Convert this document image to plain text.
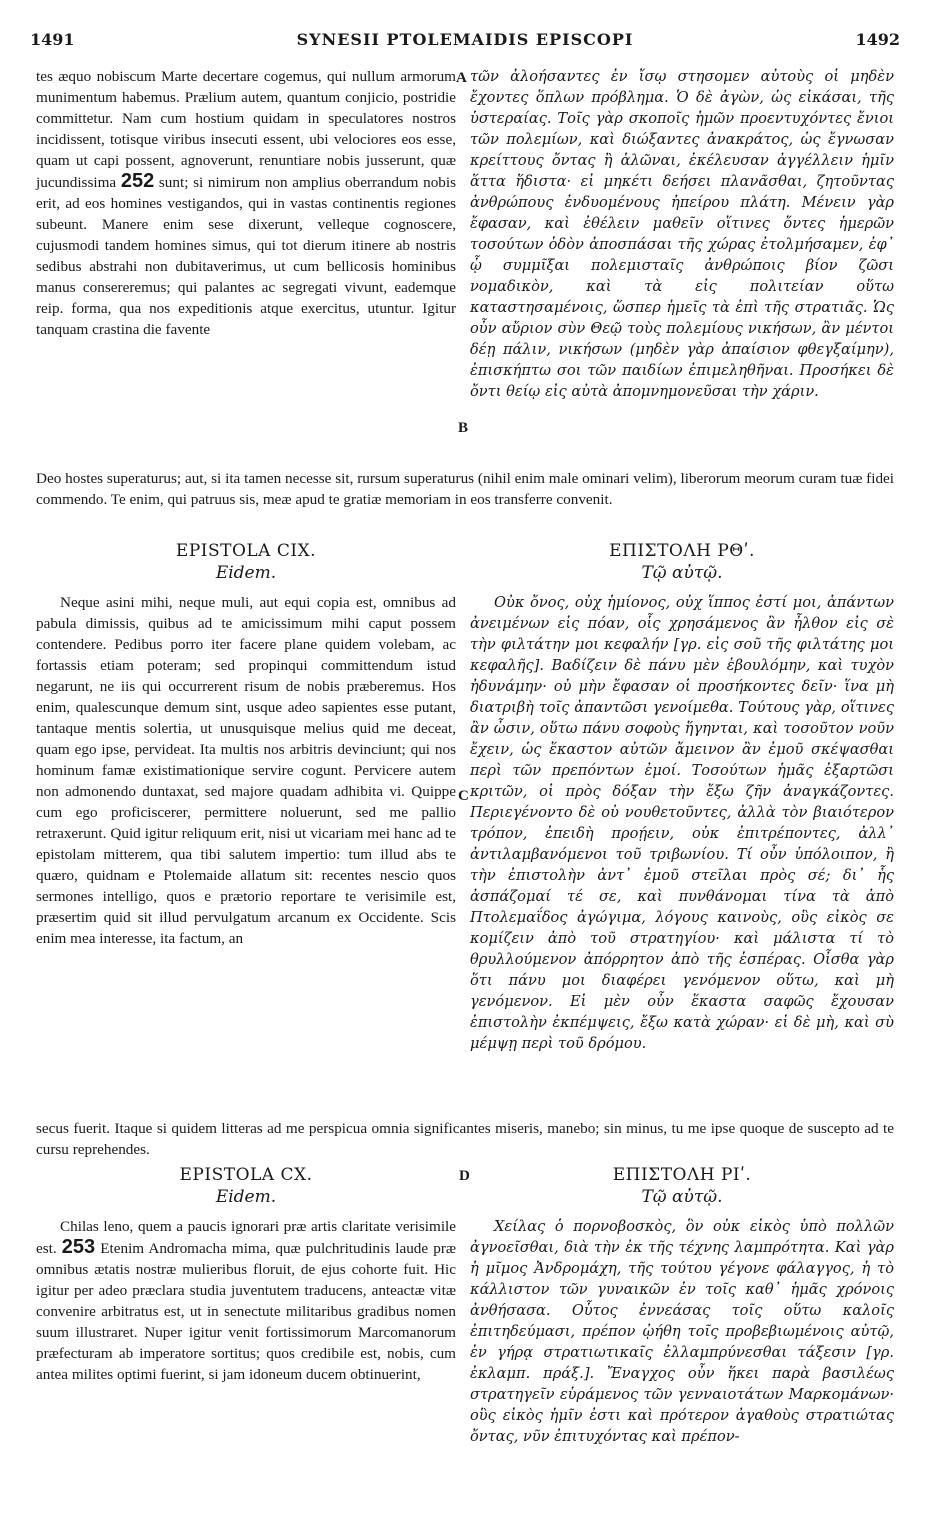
1491	SYNESII PTOLEMAIDIS EPISCOPI	1492

tes æquo nobiscum Marte decertare cogemus, qui nullum armorum munimentum habemus. Prælium autem, quantum conjicio, postridie committetur. Nam cum hostium quidam in speculatores nostros incidissent, totisque viribus insecuti essent, ubi velociores eos esse, quam ut capi possent, agnoverunt, renuntiare nobis jusserunt, quæ jucundissima 252 sunt; si nimirum non amplius oberrandum nobis erit, ad eos homines vestigandos, qui in vastas continentis regiones subeunt. Manere enim sese dixerunt, velleque cognoscere, cujusmodi tandem homines simus, qui tot dierum itinere ab nostris sedibus abstrahi non dubitaverimus, ut cum bellicosis hominibus manus consereremus; qui palantes ac segregati vivunt, eademque reip. forma, qua nos expeditionis atque exercitus, utuntur. Igitur tanquam crastina die favente

τῶν ἀλοήσαντες ἐν ἴσῳ στησομεν αὐτοὺς οἱ μηδὲν ἔχοντες ὅπλων πρόβλημα. Ὁ δὲ ἀγὼν, ὡς εἰκάσαι, τῆς ὑστεραίας. Τοῖς γὰρ σκοποῖς ἡμῶν προεντυχόντες ἔνιοι τῶν πολεμίων, καὶ διώξαντες ἀνακράτος, ὡς ἔγνωσαν κρείττους ὄντας ἢ ἁλῶναι, ἐκέλευσαν ἀγγέλλειν ἡμῖν ἅττα ἥδιστα· εἰ μηκέτι δεήσει πλανᾶσθαι, ζητοῦντας ἀνθρώπους ἐνδυομένους ἠπείρου πλάτη. Μένειν γὰρ ἔφασαν, καὶ ἐθέλειν μαθεῖν οἵτινες ὄντες ἡμερῶν τοσούτων ὁδὸν ἀποσπάσαι τῆς χώρας ἐτολμήσαμεν, ἐφ᾽ ᾧ συμμῖξαι πολεμισταῖς ἀνθρώποις βίον ζῶσι νομαδικὸν, καὶ τὰ εἰς πολιτείαν οὕτω καταστησαμένοις, ὥσπερ ἡμεῖς τὰ ἐπὶ τῆς στρατιᾶς. Ὡς οὖν αὔριον σὺν Θεῷ τοὺς πολεμίους νικήσων, ἂν μέντοι δέῃ πάλιν, νικήσων (μηδὲν γὰρ ἀπαίσιον φθεγξαίμην), ἐπισκήπτω σοι τῶν παιδίων ἐπιμεληθῆναι. Προσήκει δὲ ὄντι θείῳ εἰς αὐτὰ ἀπομνημονεῦσαι τὴν χάριν.

Deo hostes superaturus; aut, si ita tamen necesse sit, rursum superaturus (nihil enim male ominari velim), liberorum meorum curam tuæ fidei commendo. Te enim, qui patruus sis, meæ apud te gratiæ memoriam in eos transferre convenit.

EPISTOLA CIX.
Eidem.
ΕΠΙΣΤΟΛΗ ΡΘʹ.
Τῷ αὐτῷ.

Neque asini mihi, neque muli, aut equi copia est, omnibus ad pabula dimissis, quibus ad te amicissimum mihi caput possem contendere. Pedibus porro iter facere plane quidem volebam, ac fortassis etiam poteram; sed propinqui committendum istud negarunt, ne iis qui occurrerent risum de nobis præberemus. Hos enim, qualescunque demum sint, usque adeo sapientes esse putant, tantaque mentis solertia, ut unusquisque melius quid me deceat, quam ego ipse, pervideat. Ita multis nos arbitris devinciunt; qui nos hominum famæ existimationique servire cogunt. Pervicere autem non admonendo duntaxat, sed majore quadam adhibita vi. Quippe cum ego proficiscerer, permittere noluerunt, sed me pallio retraxerunt. Quid igitur reliquum erit, nisi ut vicariam mei hanc ad te epistolam mitterem, qua tibi salutem impertio: tum illud abs te quæro, quidnam e Ptolemaide allatum sit: recentes nescio quos sermones intelligo, quos e prætorio reportare te verisimile est, præsertim quid sit illud pervulgatum arcanum ex Occidente. Scis enim mea interesse, ita factum, an

Οὐκ ὄνος, οὐχ ἡμίονος, οὐχ ἵππος ἐστί μοι, ἁπάντων ἀνειμένων εἰς πόαν, οἷς χρησάμενος ἂν ἦλθον εἰς σὲ τὴν φιλτάτην μοι κεφαλήν [γρ. εἰς σοῦ τῆς φιλτάτης μοι κεφαλῆς]. Βαδίζειν δὲ πάνυ μὲν ἐβουλόμην, καὶ τυχὸν ἠδυνάμην· οὐ μὴν ἔφασαν οἱ προσήκοντες δεῖν· ἵνα μὴ διατριβὴ τοῖς ἀπαντῶσι γενοίμεθα. Τούτους γὰρ, οἵτινες ἂν ὦσιν, οὕτω πάνυ σοφοὺς ἥγηνται, καὶ τοσοῦτον νοῦν ἔχειν, ὡς ἕκαστον αὐτῶν ἄμεινον ἂν ἐμοῦ σκέψασθαι περὶ τῶν πρεπόντων ἐμοί. Τοσούτων ἡμᾶς ἐξαρτῶσι κριτῶν, οἱ πρὸς δόξαν τὴν ἔξω ζῆν ἀναγκάζοντες. Περιεγένοντο δὲ οὐ νουθετοῦντες, ἀλλὰ τὸν βιαιότερον τρόπον, ἐπειδὴ προῄειν, οὐκ ἐπιτρέποντες, ἀλλ᾽ ἀντιλαμβανόμενοι τοῦ τριβωνίου. Τί οὖν ὑπόλοιπον, ἢ τὴν ἐπιστολὴν ἀντ᾽ ἐμοῦ στεῖλαι πρὸς σέ; δι᾽ ἧς ἀσπάζομαί τέ σε, καὶ πυνθάνομαι τίνα τὰ ἀπὸ Πτολεμαΐδος ἀγώγιμα, λόγους καινοὺς, οὓς εἰκὸς σε κομίζειν ἀπὸ τοῦ στρατηγίου· καὶ μάλιστα τί τὸ θρυλλούμενον ἀπόρρητον ἀπὸ τῆς ἑσπέρας. Οἶσθα γὰρ ὅτι πάνυ μοι διαφέρει γενόμενον οὕτω, καὶ μὴ γενόμενον. Εἰ μὲν οὖν ἕκαστα σαφῶς ἔχουσαν ἐπιστολὴν ἐκπέμψεις, ἔξω κατὰ χώραν· εἰ δὲ μὴ, καὶ σὺ μέμψῃ περὶ τοῦ δρόμου.

secus fuerit. Itaque si quidem litteras ad me perspicua omnia significantes miseris, manebo; sin minus, tu me ipse quoque de suscepto ad te cursu reprehendes.

EPISTOLA CX.
Eidem.
ΕΠΙΣΤΟΛΗ ΡΙʹ.
Τῷ αὐτῷ.

Chilas leno, quem a paucis ignorari præ artis claritate verisimile est. 253 Etenim Andromacha mima, quæ pulchritudinis laude præ omnibus ætatis nostræ mulieribus floruit, de ejus cohorte fuit. Hic igitur per adeo præclara studia juventutem traducens, anteactæ vitæ convenire arbitratus est, ut in senectute militaribus gradibus nomen suum illustraret. Nuper igitur venit fortissimorum Marcomanorum præfecturam ab imperatore sortitus; quos credibile est, nobis, cum antea milites optimi fuerint, si jam idoneum ducem obtinuerint,

Χείλας ὁ πορνοβοσκὸς, ὃν οὐκ εἰκὸς ὑπὸ πολλῶν ἀγνοεῖσθαι, διὰ τὴν ἐκ τῆς τέχνης λαμπρότητα. Καὶ γὰρ ἡ μῖμος Ἀνδρομάχη, τῆς τούτου γέγονε φάλαγγος, ἡ τὸ κάλλιστον τῶν γυναικῶν ἐν τοῖς καθ᾽ ἡμᾶς χρόνοις ἀνθήσασα. Οὗτος ἐννεάσας τοῖς οὕτω καλοῖς ἐπιτηδεύμασι, πρέπον ᾠήθη τοῖς προβεβιωμένοις αὐτῷ, ἐν γήρᾳ στρατιωτικαῖς ἐλλαμπρύνεσθαι τάξεσιν [γρ. ἐκλαμπ. πράξ.]. Ἔναγχος οὖν ἥκει παρὰ βασιλέως στρατηγεῖν εὑράμενος τῶν γενναιοτάτων Μαρκομάνων· οὓς εἰκὸς ἡμῖν ἐστι καὶ πρότερον ἀγαθοὺς στρατιώτας ὄντας, νῦν ἐπιτυχόντας καὶ πρέπον-

A
B
C
D
